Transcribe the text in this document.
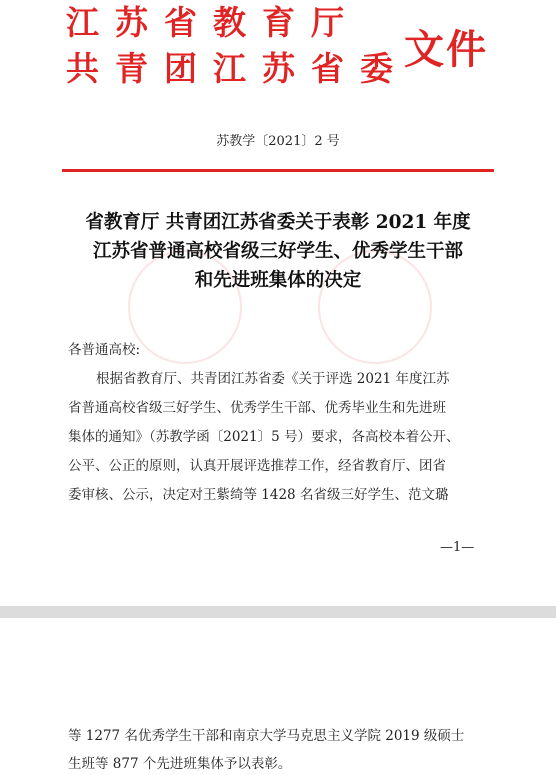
江苏省教育厅
共青团江苏省委
文件
苏教学〔2021〕2 号
省教育厅 共青团江苏省委关于表彰 2021 年度
江苏省普通高校省级三好学生、优秀学生干部
和先进班集体的决定
各普通高校:
根据省教育厅、共青团江苏省委《关于评选 2021 年度江苏
省普通高校省级三好学生、优秀学生干部、优秀毕业生和先进班
集体的通知》（苏教学函〔2021〕5 号）要求，各高校本着公开、
公平、公正的原则，认真开展评选推荐工作，经省教育厅、团省
委审核、公示，决定对王紫绮等 1428 名省级三好学生、范文璐
—1—
等 1277 名优秀学生干部和南京大学马克思主义学院 2019 级硕士
生班等 877 个先进班集体予以表彰。
